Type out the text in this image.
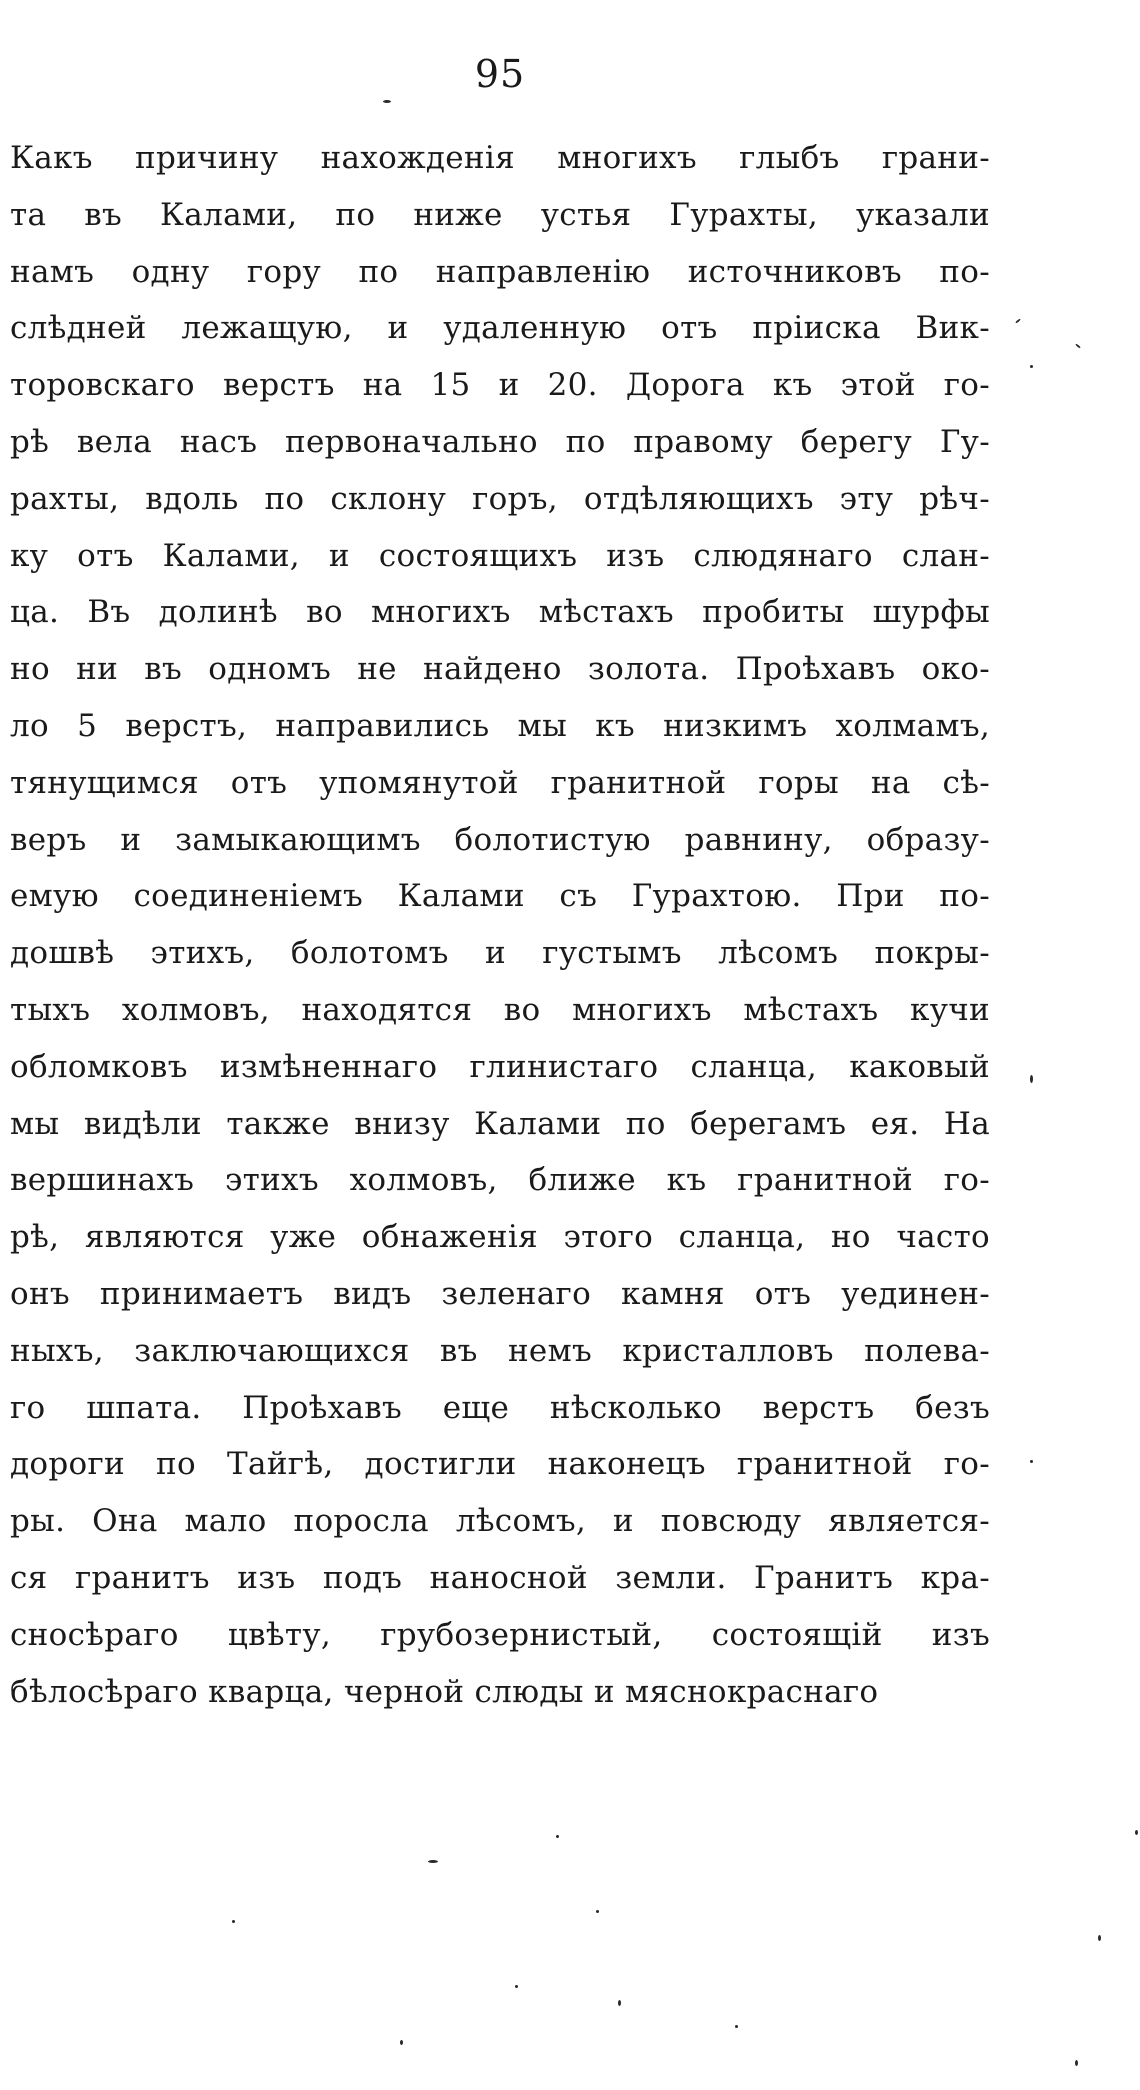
95
Какъ причину нахожденія многихъ глыбъ грани-
та въ Калами, по ниже устья Гурахты, указали
намъ одну гору по направленію источниковъ по-
слѣдней лежащую, и удаленную отъ пріиска Вик-
торовскаго верстъ на 15 и 20. Дорога къ этой го-
рѣ вела насъ первоначально по правому берегу Гу-
рахты, вдоль по склону горъ, отдѣляющихъ эту рѣч-
ку отъ Калами, и состоящихъ изъ слюдянаго слан-
ца. Въ долинѣ во многихъ мѣстахъ пробиты шурфы
но ни въ одномъ не найдено золота. Проѣхавъ око-
ло 5 верстъ, направились мы къ низкимъ холмамъ,
тянущимся отъ упомянутой гранитной горы на сѣ-
веръ и замыкающимъ болотистую равнину, образу-
емую соединеніемъ Калами съ Гурахтою. При по-
дошвѣ этихъ, болотомъ и густымъ лѣсомъ покры-
тыхъ холмовъ, находятся во многихъ мѣстахъ кучи
обломковъ измѣненнаго глинистаго сланца, каковый
мы видѣли также внизу Калами по берегамъ ея. На
вершинахъ этихъ холмовъ, ближе къ гранитной го-
рѣ, являются уже обнаженія этого сланца, но часто
онъ принимаетъ видъ зеленаго камня отъ уединен-
ныхъ, заключающихся въ немъ кристалловъ полева-
го шпата. Проѣхавъ еще нѣсколько верстъ безъ
дороги по Тайгѣ, достигли наконецъ гранитной го-
ры. Она мало поросла лѣсомъ, и повсюду является-
ся гранитъ изъ подъ наносной земли. Гранитъ кра-
сносѣраго цвѣту, грубозернистый, состоящій изъ
бѣлосѣраго кварца, черной слюды и мяснокраснаго
